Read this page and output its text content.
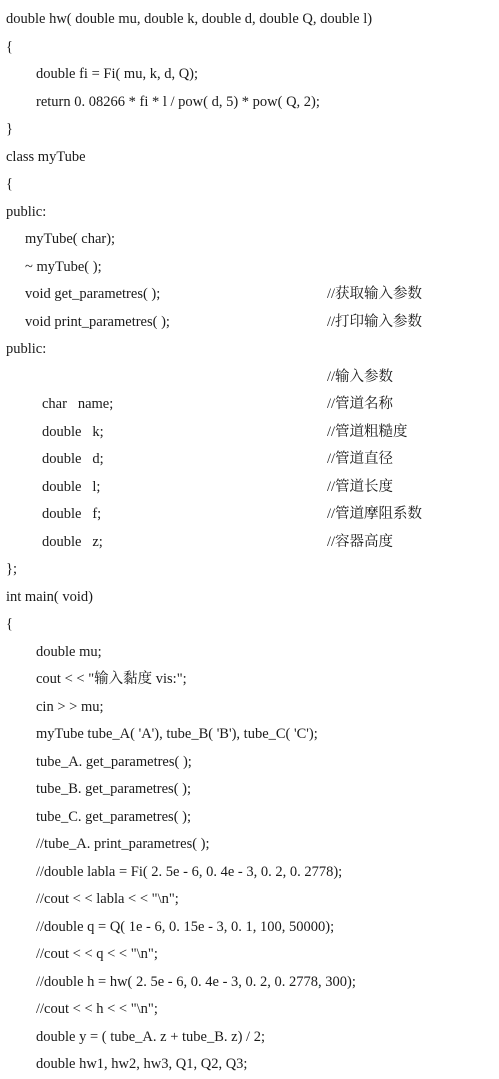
double hw( double mu, double k, double d, double Q, double l)
{
double fi = Fi( mu, k, d, Q);
return 0. 08266 * fi * l / pow( d, 5) * pow( Q, 2);
}
class myTube
{
public:
myTube( char);
~ myTube( );
void get_parametres( );	//获取输入参数
void print_parametres( );	//打印输入参数
public:
//输入参数
char   name;	//管道名称
double   k;	//管道粗糙度
double   d;	//管道直径
double   l;	//管道长度
double   f;	//管道摩阻系数
double   z;	//容器高度
};
int main( void)
{
double mu;
cout < < "输入黏度 vis:";
cin > > mu;
myTube tube_A( 'A'), tube_B( 'B'), tube_C( 'C');
tube_A. get_parametres( );
tube_B. get_parametres( );
tube_C. get_parametres( );
//tube_A. print_parametres( );
//double labla = Fi( 2. 5e - 6, 0. 4e - 3, 0. 2, 0. 2778);
//cout < < labla < < "\n";
//double q = Q( 1e - 6, 0. 15e - 3, 0. 1, 100, 50000);
//cout < < q < < "\n";
//double h = hw( 2. 5e - 6, 0. 4e - 3, 0. 2, 0. 2778, 300);
//cout < < h < < "\n";
double y = ( tube_A. z + tube_B. z) / 2;
double hw1, hw2, hw3, Q1, Q2, Q3;
